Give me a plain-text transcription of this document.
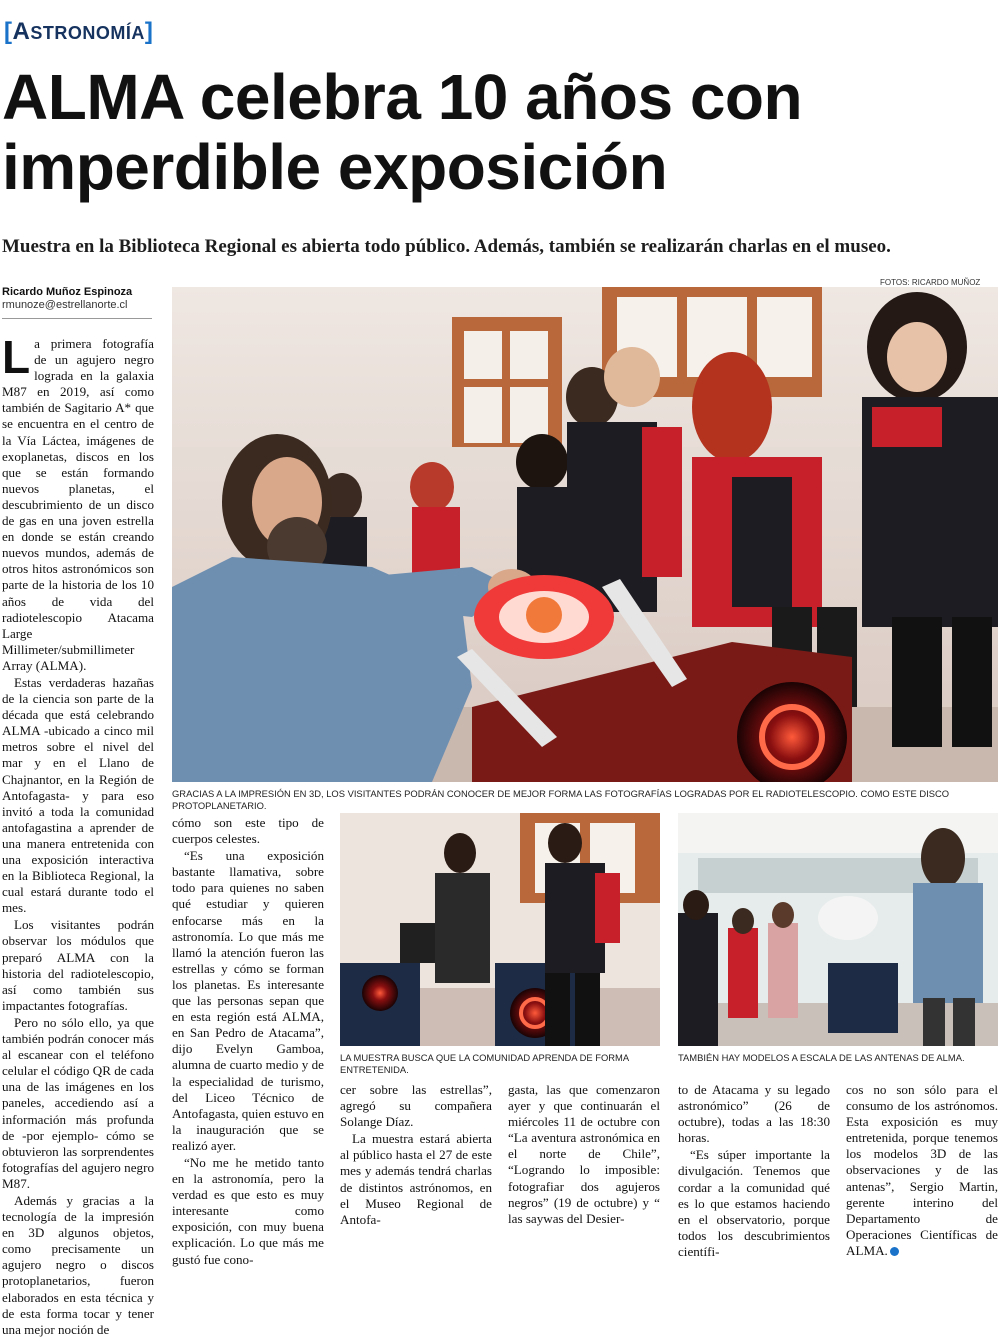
[ASTRONOMÍA]
ALMA celebra 10 años con
imperdible exposición
Muestra en la Biblioteca Regional es abierta todo público. Además, también se realizarán charlas en el museo.
Ricardo Muñoz Espinoza
rmunoze@estrellanorte.cl
FOTOS: RICARDO MUÑOZ
GRACIAS A LA IMPRESIÓN EN 3D, LOS VISITANTES PODRÁN CONOCER DE MEJOR FORMA LAS FOTOGRAFÍAS LOGRADAS POR EL RADIOTELESCOPIO. COMO ESTE DISCO PROTOPLANETARIO.
LA MUESTRA BUSCA QUE LA COMUNIDAD APRENDA DE FORMA ENTRETENIDA.
TAMBIÉN HAY MODELOS A ESCALA DE LAS ANTENAS DE ALMA.

La primera fotografía de un agujero negro lograda en la galaxia M87 en 2019, así como también de Sagitario A* que se encuentra en el centro de la Vía Láctea, imágenes de exoplanetas, discos en los que se están formando nuevos planetas, el descubrimiento de un disco de gas en una joven estrella en donde se están creando nuevos mundos, además de otros hitos astronómicos son parte de la historia de los 10 años de vida del radiotelescopio Atacama Large Millimeter/submillimeter Array (ALMA).

Estas verdaderas hazañas de la ciencia son parte de la década que está celebrando ALMA -ubicado a cinco mil metros sobre el nivel del mar y en el Llano de Chajnantor, en la Región de Antofagasta- y para eso invitó a toda la comunidad antofagastina a aprender de una manera entretenida con una exposición interactiva en la Biblioteca Regional, la cual estará durante todo el mes.

Los visitantes podrán observar los módulos que preparó ALMA con la historia del radiotelescopio, así como también sus impactantes fotografías.

Pero no sólo ello, ya que también podrán conocer más al escanear con el teléfono celular el código QR de cada una de las imágenes en los paneles, accediendo así a información más profunda de -por ejemplo- cómo se obtuvieron las sorprendentes fotografías del agujero negro M87.

Además y gracias a la tecnología de la impresión en 3D algunos objetos, como precisamente un agujero negro o discos protoplanetarios, fueron elaborados en esta técnica y de esta forma tocar y tener una mejor noción de

cómo son este tipo de cuerpos celestes.

“Es una exposición bastante llamativa, sobre todo para quienes no saben qué estudiar y quieren enfocarse más en la astronomía. Lo que más me llamó la atención fueron las estrellas y cómo se forman los planetas. Es interesante que las personas sepan que en esta región está ALMA, en San Pedro de Atacama”, dijo Evelyn Gamboa, alumna de cuarto medio y de la especialidad de turismo, del Liceo Técnico de Antofagasta, quien estuvo en la inauguración que se realizó ayer.

“No me he metido tanto en la astronomía, pero la verdad es que esto es muy interesante como exposición, con muy buena explicación. Lo que más me gustó fue cono-

cer sobre las estrellas”, agregó su compañera Solange Díaz.

La muestra estará abierta al público hasta el 27 de este mes y además tendrá charlas de distintos astrónomos, en el Museo Regional de Antofa-

gasta, las que comenzaron ayer y que continuarán el miércoles 11 de octubre con “La aventura astronómica en el norte de Chile”, “Logrando lo imposible: fotografiar dos agujeros negros” (19 de octubre) y “ las saywas del Desier-

to de Atacama y su legado astronómico” (26 de octubre), todas a las 18:30 horas.

“Es súper importante la divulgación. Tenemos que cordar a la comunidad qué es lo que estamos haciendo en el observatorio, porque todos los descubrimientos científi-

cos no son sólo para el consumo de los astrónomos. Esta exposición es muy entretenida, porque tenemos los modelos 3D de las observaciones y de las antenas”, Sergio Martin, gerente interino del Departamento de Operaciones Científicas de ALMA.
